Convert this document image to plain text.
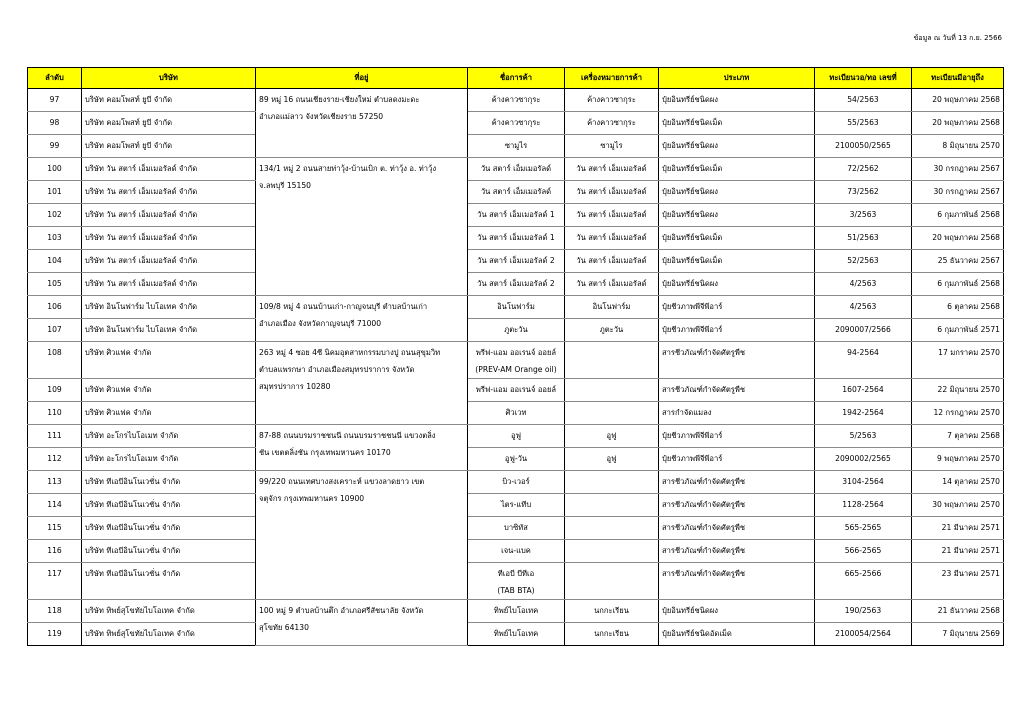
ข้อมูล ณ วันที่ 13 ก.ย. 2566
ลำดับ	บริษัท	ที่อยู่	ชื่อการค้า	เครื่องหมายการค้า	ประเภท	ทะเบียนวอ/ทอ เลขที่	ทะเบียนมีอายุถึง
97	บริษัท คอมโพสท์ ยูบี จำกัด	89 หมู่ 16 ถนนเชียงราย-เชียงใหม่ ตำบลดงมะดะ
อำเภอแม่ลาว จังหวัดเชียงราย 57250	ค้างคาวซากุระ	ค้างคาวซากุระ	ปุ๋ยอินทรีย์ชนิดผง	54/2563	20 พฤษภาคม 2568
98	บริษัท คอมโพสท์ ยูบี จำกัด		ค้างคาวซากุระ	ค้างคาวซากุระ	ปุ๋ยอินทรีย์ชนิดเม็ด	55/2563	20 พฤษภาคม 2568
99	บริษัท คอมโพสท์ ยูบี จำกัด		ซามูไร	ซามูไร	ปุ๋ยอินทรีย์ชนิดผง	2100050/2565	8 มิถุนายน 2570
100	บริษัท วัน สตาร์ เอ็มเมอรัลด์ จำกัด	134/1 หมู่ 2 ถนนสายท่าวุ้ง-บ้านเบิก ต. ท่าวุ้ง อ. ท่าวุ้ง
จ.ลพบุรี 15150	วัน สตาร์ เอ็มเมอรัลด์	วัน สตาร์ เอ็มเมอรัลด์	ปุ๋ยอินทรีย์ชนิดเม็ด	72/2562	30 กรกฎาคม 2567
101	บริษัท วัน สตาร์ เอ็มเมอรัลด์ จำกัด		วัน สตาร์ เอ็มเมอรัลด์	วัน สตาร์ เอ็มเมอรัลด์	ปุ๋ยอินทรีย์ชนิดผง	73/2562	30 กรกฎาคม 2567
102	บริษัท วัน สตาร์ เอ็มเมอรัลด์ จำกัด		วัน สตาร์ เอ็มเมอรัลด์ 1	วัน สตาร์ เอ็มเมอรัลด์	ปุ๋ยอินทรีย์ชนิดผง	3/2563	6 กุมภาพันธ์ 2568
103	บริษัท วัน สตาร์ เอ็มเมอรัลด์ จำกัด		วัน สตาร์ เอ็มเมอรัลด์ 1	วัน สตาร์ เอ็มเมอรัลด์	ปุ๋ยอินทรีย์ชนิดเม็ด	51/2563	20 พฤษภาคม 2568
104	บริษัท วัน สตาร์ เอ็มเมอรัลด์ จำกัด		วัน สตาร์ เอ็มเมอรัลด์ 2	วัน สตาร์ เอ็มเมอรัลด์	ปุ๋ยอินทรีย์ชนิดเม็ด	52/2563	25 ธันวาคม 2567
105	บริษัท วัน สตาร์ เอ็มเมอรัลด์ จำกัด		วัน สตาร์ เอ็มเมอรัลด์ 2	วัน สตาร์ เอ็มเมอรัลด์	ปุ๋ยอินทรีย์ชนิดผง	4/2563	6 กุมภาพันธ์ 2568
106	บริษัท อินโนฟาร์ม ไบโอเทค จำกัด	109/8 หมู่ 4 ถนนบ้านเก่า-กาญจนบุรี ตำบลบ้านเก่า
อำเภอเมือง จังหวัดกาญจนบุรี 71000	อินโนฟาร์ม	อินโนฟาร์ม	ปุ๋ยชีวภาพพีจีพีอาร์	4/2563	6 ตุลาคม 2568
107	บริษัท อินโนฟาร์ม ไบโอเทค จำกัด		ภูตะวัน	ภูตะวัน	ปุ๋ยชีวภาพพีจีพีอาร์	2090007/2566	6 กุมภาพันธ์ 2571
108	บริษัท ศิวแฟค จำกัด	263 หมู่ 4 ซอย 4ซี นิคมอุตสาหกรรมบางปู ถนนสุขุมวิท
ตำบลแพรกษา อำเภอเมืองสมุทรปราการ จังหวัด
สมุทรปราการ 10280	พรีฟ-แอม ออเรนจ์ ออยล์
(PREV-AM Orange oil)		สารชีวภัณฑ์กำจัดศัตรูพืช	94-2564	17 มกราคม 2570
109	บริษัท ศิวแฟค จำกัด		พรีฟ-แอม ออเรนจ์ ออยล์		สารชีวภัณฑ์กำจัดศัตรูพืช	1607-2564	22 มิถุนายน 2570
110	บริษัท ศิวแฟค จำกัด		ศิวเวท		สารกำจัดแมลง	1942-2564	12 กรกฎาคม 2570
111	บริษัท อะโกรไบโอเมท จำกัด	87-88 ถนนบรมราชชนนี ถนนบรมราชชนนี แขวงตลิ่ง
ชัน เขตตลิ่งชัน กรุงเทพมหานคร 10170	อูฟู	อูฟู	ปุ๋ยชีวภาพพีจีพีอาร์	5/2563	7 ตุลาคม 2568
112	บริษัท อะโกรไบโอเมท จำกัด		อูฟู-วัน	อูฟู	ปุ๋ยชีวภาพพีจีพีอาร์	2090002/2565	9 พฤษภาคม 2570
113	บริษัท ทีเอบีอินโนเวชั่น จำกัด	99/220 ถนนเทศบางสงเคราะห์ แขวงลาดยาว เขต
จตุจักร กรุงเทพมหานคร 10900	บิว-เวอร์		สารชีวภัณฑ์กำจัดศัตรูพืช	3104-2564	14 ตุลาคม 2570
114	บริษัท ทีเอบีอินโนเวชั่น จำกัด		ไตร-แทีบ		สารชีวภัณฑ์กำจัดศัตรูพืช	1128-2564	30 พฤษภาคม 2570
115	บริษัท ทีเอบีอินโนเวชั่น จำกัด		บาซิทัส		สารชีวภัณฑ์กำจัดศัตรูพืช	565-2565	21 มีนาคม 2571
116	บริษัท ทีเอบีอินโนเวชั่น จำกัด		เจน-แบค		สารชีวภัณฑ์กำจัดศัตรูพืช	566-2565	21 มีนาคม 2571
117	บริษัท ทีเอบีอินโนเวชั่น จำกัด		ทีเอบี บีทีเอ
(TAB BTA)		สารชีวภัณฑ์กำจัดศัตรูพืช	665-2566	23 มีนาคม 2571
118	บริษัท ทิพย์สุโขทัยไบโอเทค จำกัด	100 หมู่ 9 ตำบลบ้านตึก อำเภอศรีสัชนาลัย จังหวัด
สุโขทัย 64130	ทิพย์ไบโอเทค	นกกะเรียน	ปุ๋ยอินทรีย์ชนิดผง	190/2563	21 ธันวาคม 2568
119	บริษัท ทิพย์สุโขทัยไบโอเทค จำกัด		ทิพย์ไบโอเทค	นกกะเรียน	ปุ๋ยอินทรีย์ชนิดอัดเม็ด	2100054/2564	7 มิถุนายน 2569
